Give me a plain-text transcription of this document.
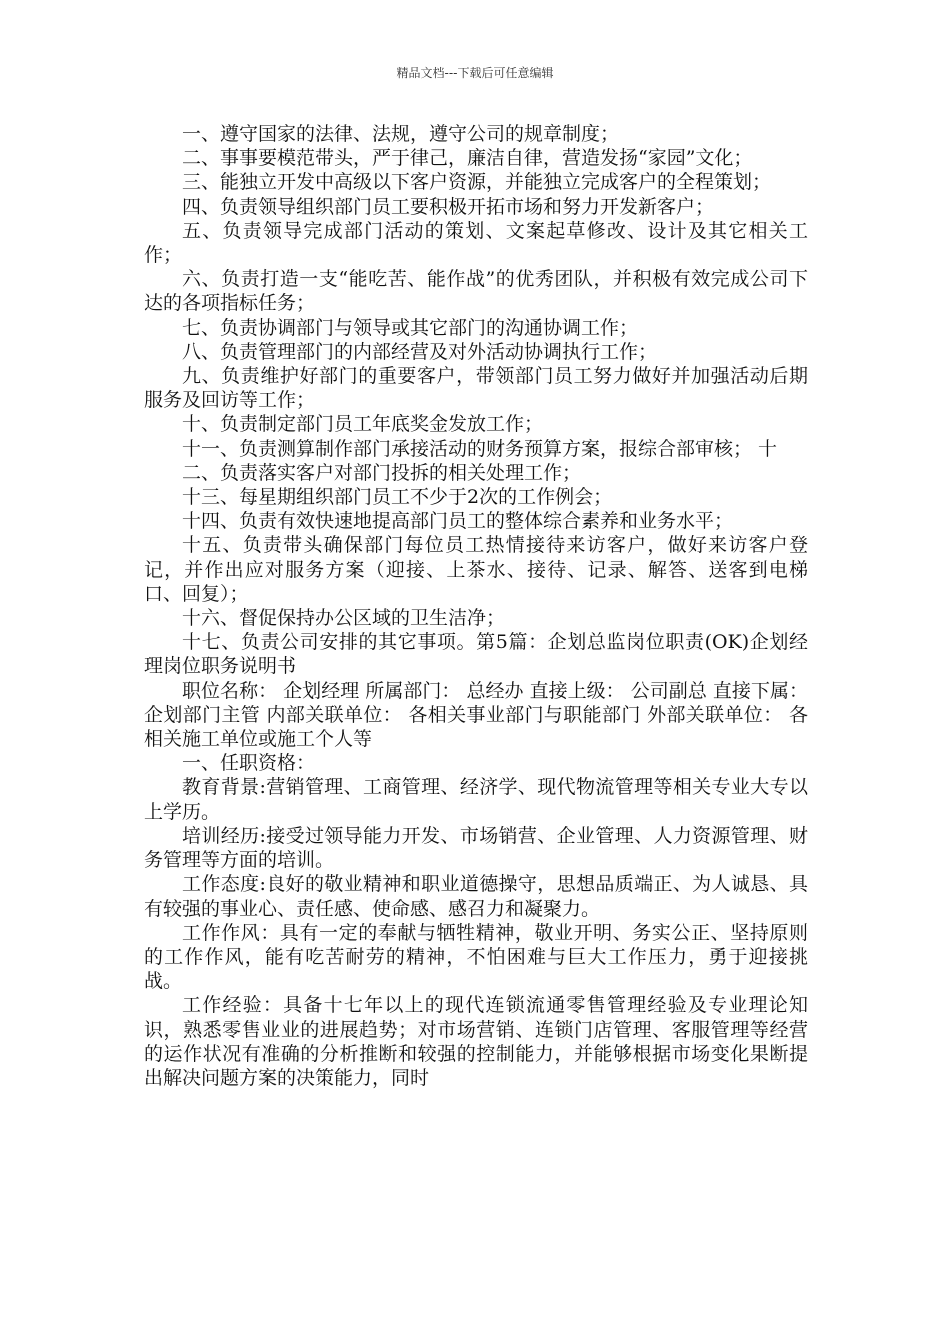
精品文档---下载后可任意编辑

一、遵守国家的法律、法规，遵守公司的规章制度；

二、事事要模范带头，严于律己，廉洁自律，营造发扬“家园”文化；

三、能独立开发中高级以下客户资源，并能独立完成客户的全程策划；

四、负责领导组织部门员工要积极开拓市场和努力开发新客户；

五、负责领导完成部门活动的策划、文案起草修改、设计及其它相关工作；

六、负责打造一支“能吃苦、能作战”的优秀团队，并积极有效完成公司下达的各项指标任务；

七、负责协调部门与领导或其它部门的沟通协调工作；

八、负责管理部门的内部经营及对外活动协调执行工作；

九、负责维护好部门的重要客户，带领部门员工努力做好并加强活动后期服务及回访等工作；

十、负责制定部门员工年底奖金发放工作；

十一、负责测算制作部门承接活动的财务预算方案，报综合部审核； 十

二、负责落实客户对部门投拆的相关处理工作；

十三、每星期组织部门员工不少于2次的工作例会；

十四、负责有效快速地提高部门员工的整体综合素养和业务水平；

十五、负责带头确保部门每位员工热情接待来访客户，做好来访客户登记，并作出应对服务方案（迎接、上茶水、接待、记录、解答、送客到电梯口、回复）；

十六、督促保持办公区域的卫生洁净；

十七、负责公司安排的其它事项。第5篇：企划总监岗位职责(OK)企划经理岗位职务说明书

职位名称： 企划经理 所属部门： 总经办 直接上级： 公司副总 直接下属： 企划部门主管 内部关联单位： 各相关事业部门与职能部门 外部关联单位： 各相关施工单位或施工个人等

一、任职资格：

教育背景:营销管理、工商管理、经济学、现代物流管理等相关专业大专以上学历。

培训经历:接受过领导能力开发、市场销营、企业管理、人力资源管理、财务管理等方面的培训。

工作态度:良好的敬业精神和职业道德操守，思想品质端正、为人诚恳、具有较强的事业心、责任感、使命感、感召力和凝聚力。

工作作风：具有一定的奉献与牺牲精神，敬业开明、务实公正、坚持原则的工作作风，能有吃苦耐劳的精神，不怕困难与巨大工作压力，勇于迎接挑战。

工作经验：具备十七年以上的现代连锁流通零售管理经验及专业理论知识，熟悉零售业业的进展趋势；对市场营销、连锁门店管理、客服管理等经营的运作状况有准确的分析推断和较强的控制能力，并能够根据市场变化果断提出解决问题方案的决策能力，同时
